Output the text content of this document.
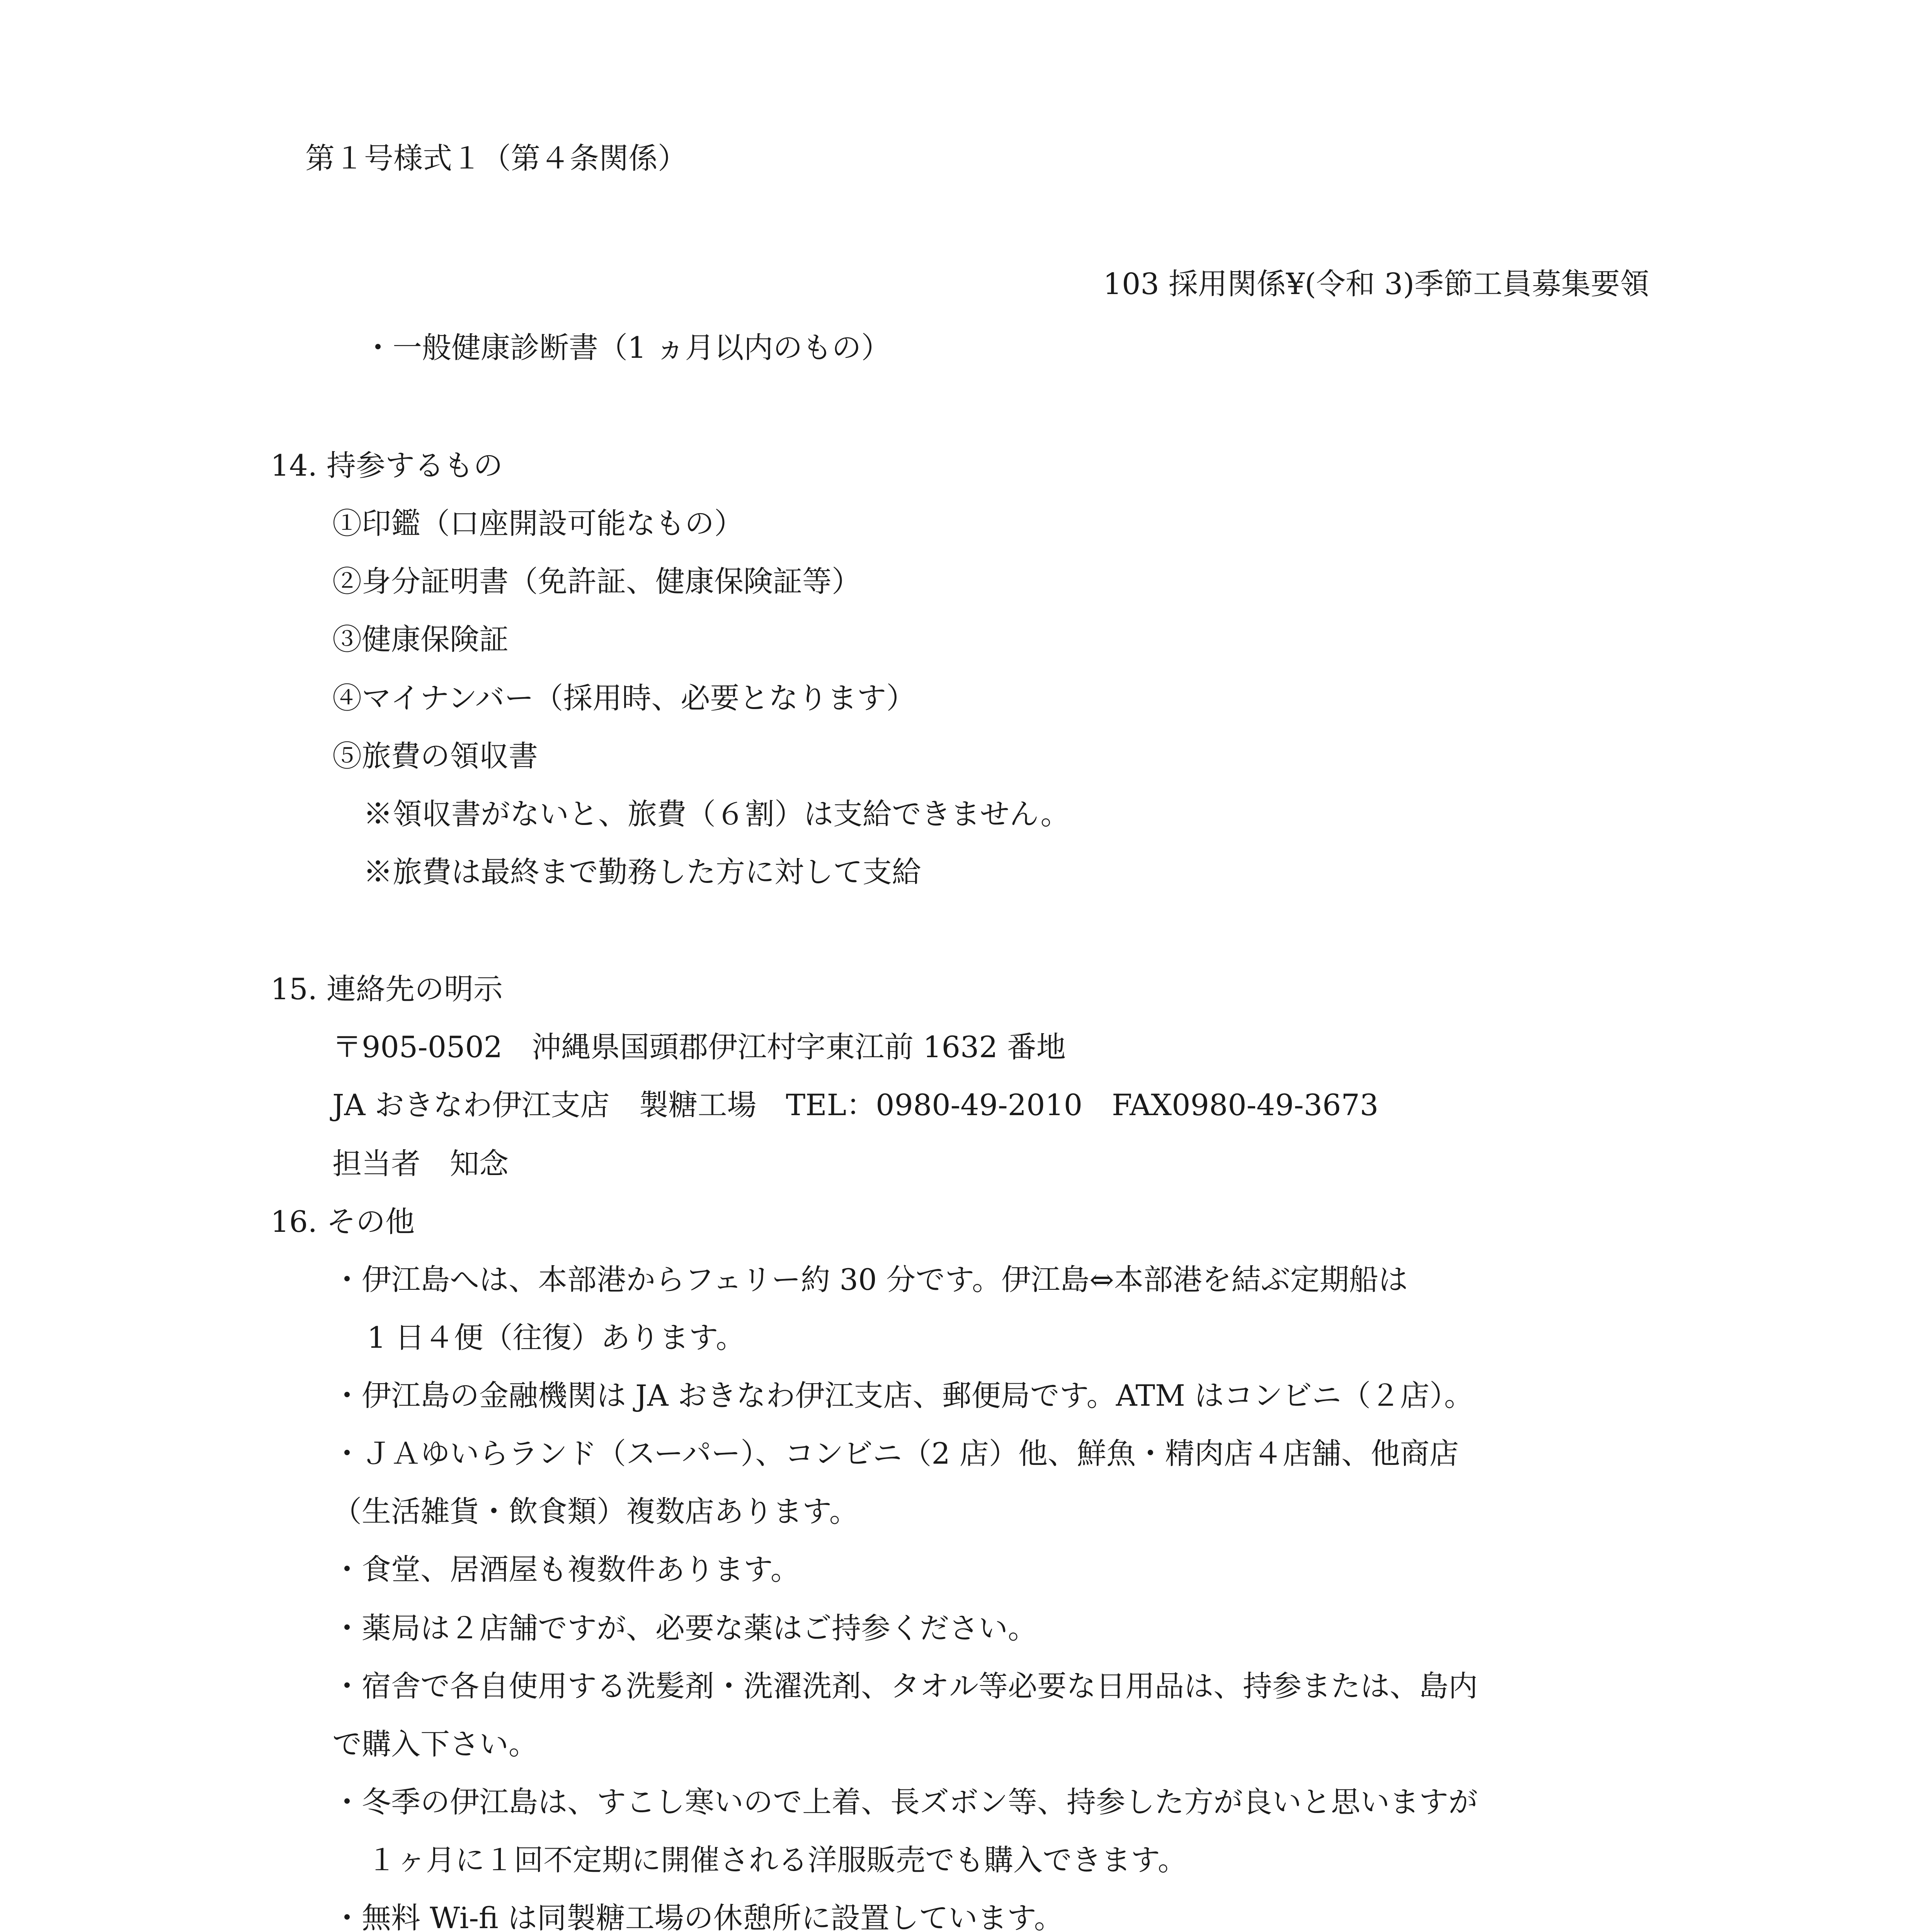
第１号様式１（第４条関係）
103 採用関係¥(令和 3)季節工員募集要領
・一般健康診断書（1 ヵ月以内のもの）
14. 持参するもの
①印鑑（口座開設可能なもの）
②身分証明書（免許証、健康保険証等）
③健康保険証
④マイナンバー（採用時、必要となります）
⑤旅費の領収書
※領収書がないと、旅費（６割）は支給できません。
※旅費は最終まで勤務した方に対して支給
15. 連絡先の明示
〒905-0502　沖縄県国頭郡伊江村字東江前 1632 番地
JA おきなわ伊江支店　製糖工場　TEL：0980-49-2010　FAX0980-49-3673
担当者　知念
16. その他
・伊江島へは、本部港からフェリー約 30 分です。伊江島⇔本部港を結ぶ定期船は
1 日４便（往復）あります。
・伊江島の金融機関は JA おきなわ伊江支店、郵便局です。ATM はコンビニ（２店）。
・ＪＡゆいらランド（スーパー）、コンビニ（2 店）他、鮮魚・精肉店４店舗、他商店
（生活雑貨・飲食類）複数店あります。
・食堂、居酒屋も複数件あります。
・薬局は２店舗ですが、必要な薬はご持参ください。
・宿舎で各自使用する洗髪剤・洗濯洗剤、タオル等必要な日用品は、持参または、島内
で購入下さい。
・冬季の伊江島は、すこし寒いので上着、長ズボン等、持参した方が良いと思いますが
１ヶ月に１回不定期に開催される洋服販売でも購入できます。
・無料 Wi-fi は同製糖工場の休憩所に設置しています。
